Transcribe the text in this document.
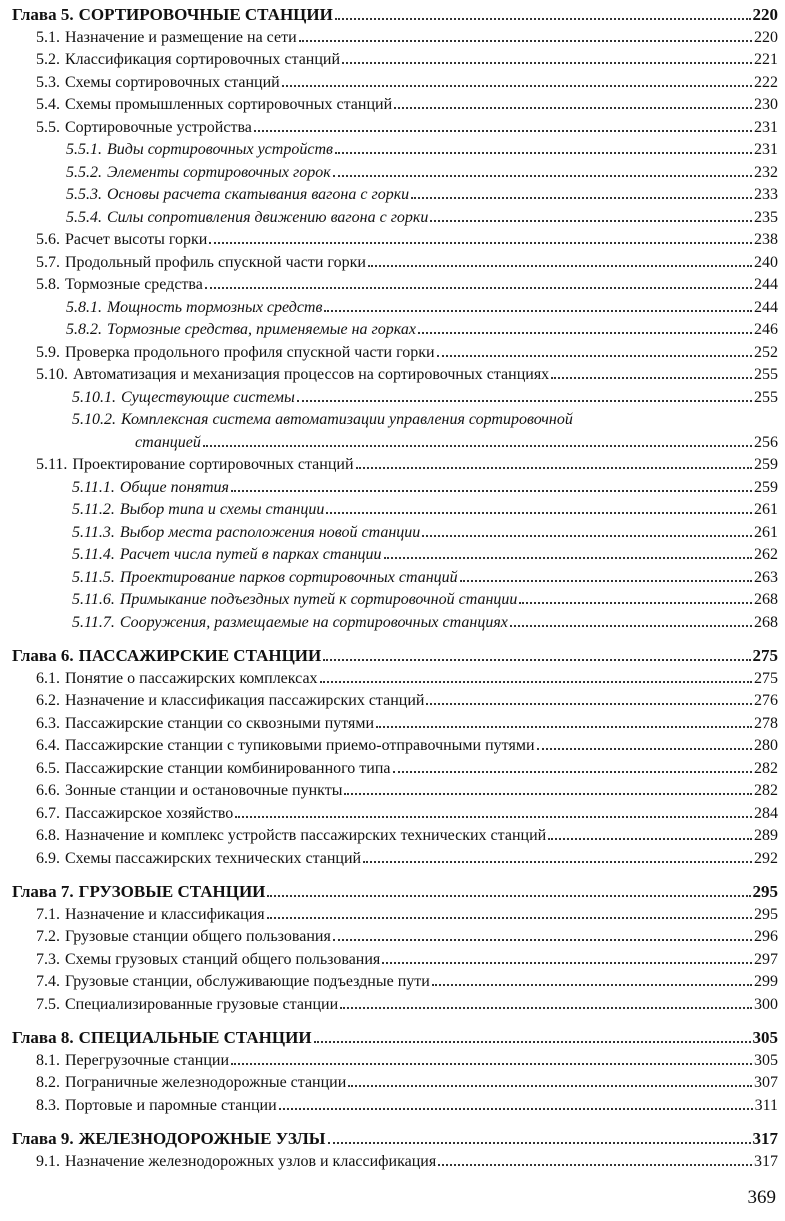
Глава 5. СОРТИРОВОЧНЫЕ СТАНЦИИ	220
5.1. Назначение и размещение на сети	220
5.2. Классификация сортировочных станций	221
5.3. Схемы сортировочных станций	222
5.4. Схемы промышленных сортировочных станций	230
5.5. Сортировочные устройства	231
5.5.1. Виды сортировочных устройств	231
5.5.2. Элементы сортировочных горок	232
5.5.3. Основы расчета скатывания вагона с горки	233
5.5.4. Силы сопротивления движению вагона с горки	235
5.6. Расчет высоты горки	238
5.7. Продольный профиль спускной части горки	240
5.8. Тормозные средства	244
5.8.1. Мощность тормозных средств	244
5.8.2. Тормозные средства, применяемые на горках	246
5.9. Проверка продольного профиля спускной части горки	252
5.10. Автоматизация и механизация процессов на сортировочных станциях	255
5.10.1. Существующие системы	255
5.10.2. Комплексная система автоматизации управления сортировочной
станцией	256
5.11. Проектирование сортировочных станций	259
5.11.1. Общие понятия	259
5.11.2. Выбор типа и схемы станции	261
5.11.3. Выбор места расположения новой станции	261
5.11.4. Расчет числа путей в парках станции	262
5.11.5. Проектирование парков сортировочных станций	263
5.11.6. Примыкание подъездных путей к сортировочной станции	268
5.11.7. Сооружения, размещаемые на сортировочных станциях	268
Глава 6. ПАССАЖИРСКИЕ СТАНЦИИ	275
6.1. Понятие о пассажирских комплексах	275
6.2. Назначение и классификация пассажирских станций	276
6.3. Пассажирские станции со сквозными путями	278
6.4. Пассажирские станции с тупиковыми приемо-отправочными путями	280
6.5. Пассажирские станции комбинированного типа	282
6.6. Зонные станции и остановочные пункты	282
6.7. Пассажирское хозяйство	284
6.8. Назначение и комплекс устройств пассажирских технических станций	289
6.9. Схемы пассажирских технических станций	292
Глава 7. ГРУЗОВЫЕ СТАНЦИИ	295
7.1. Назначение и классификация	295
7.2. Грузовые станции общего пользования	296
7.3. Схемы грузовых станций общего пользования	297
7.4. Грузовые станции, обслуживающие подъездные пути	299
7.5. Специализированные грузовые станции	300
Глава 8. СПЕЦИАЛЬНЫЕ СТАНЦИИ	305
8.1. Перегрузочные станции	305
8.2. Пограничные железнодорожные станции	307
8.3. Портовые и паромные станции	311
Глава 9. ЖЕЛЕЗНОДОРОЖНЫЕ УЗЛЫ	317
9.1. Назначение железнодорожных узлов и классификация	317
369
